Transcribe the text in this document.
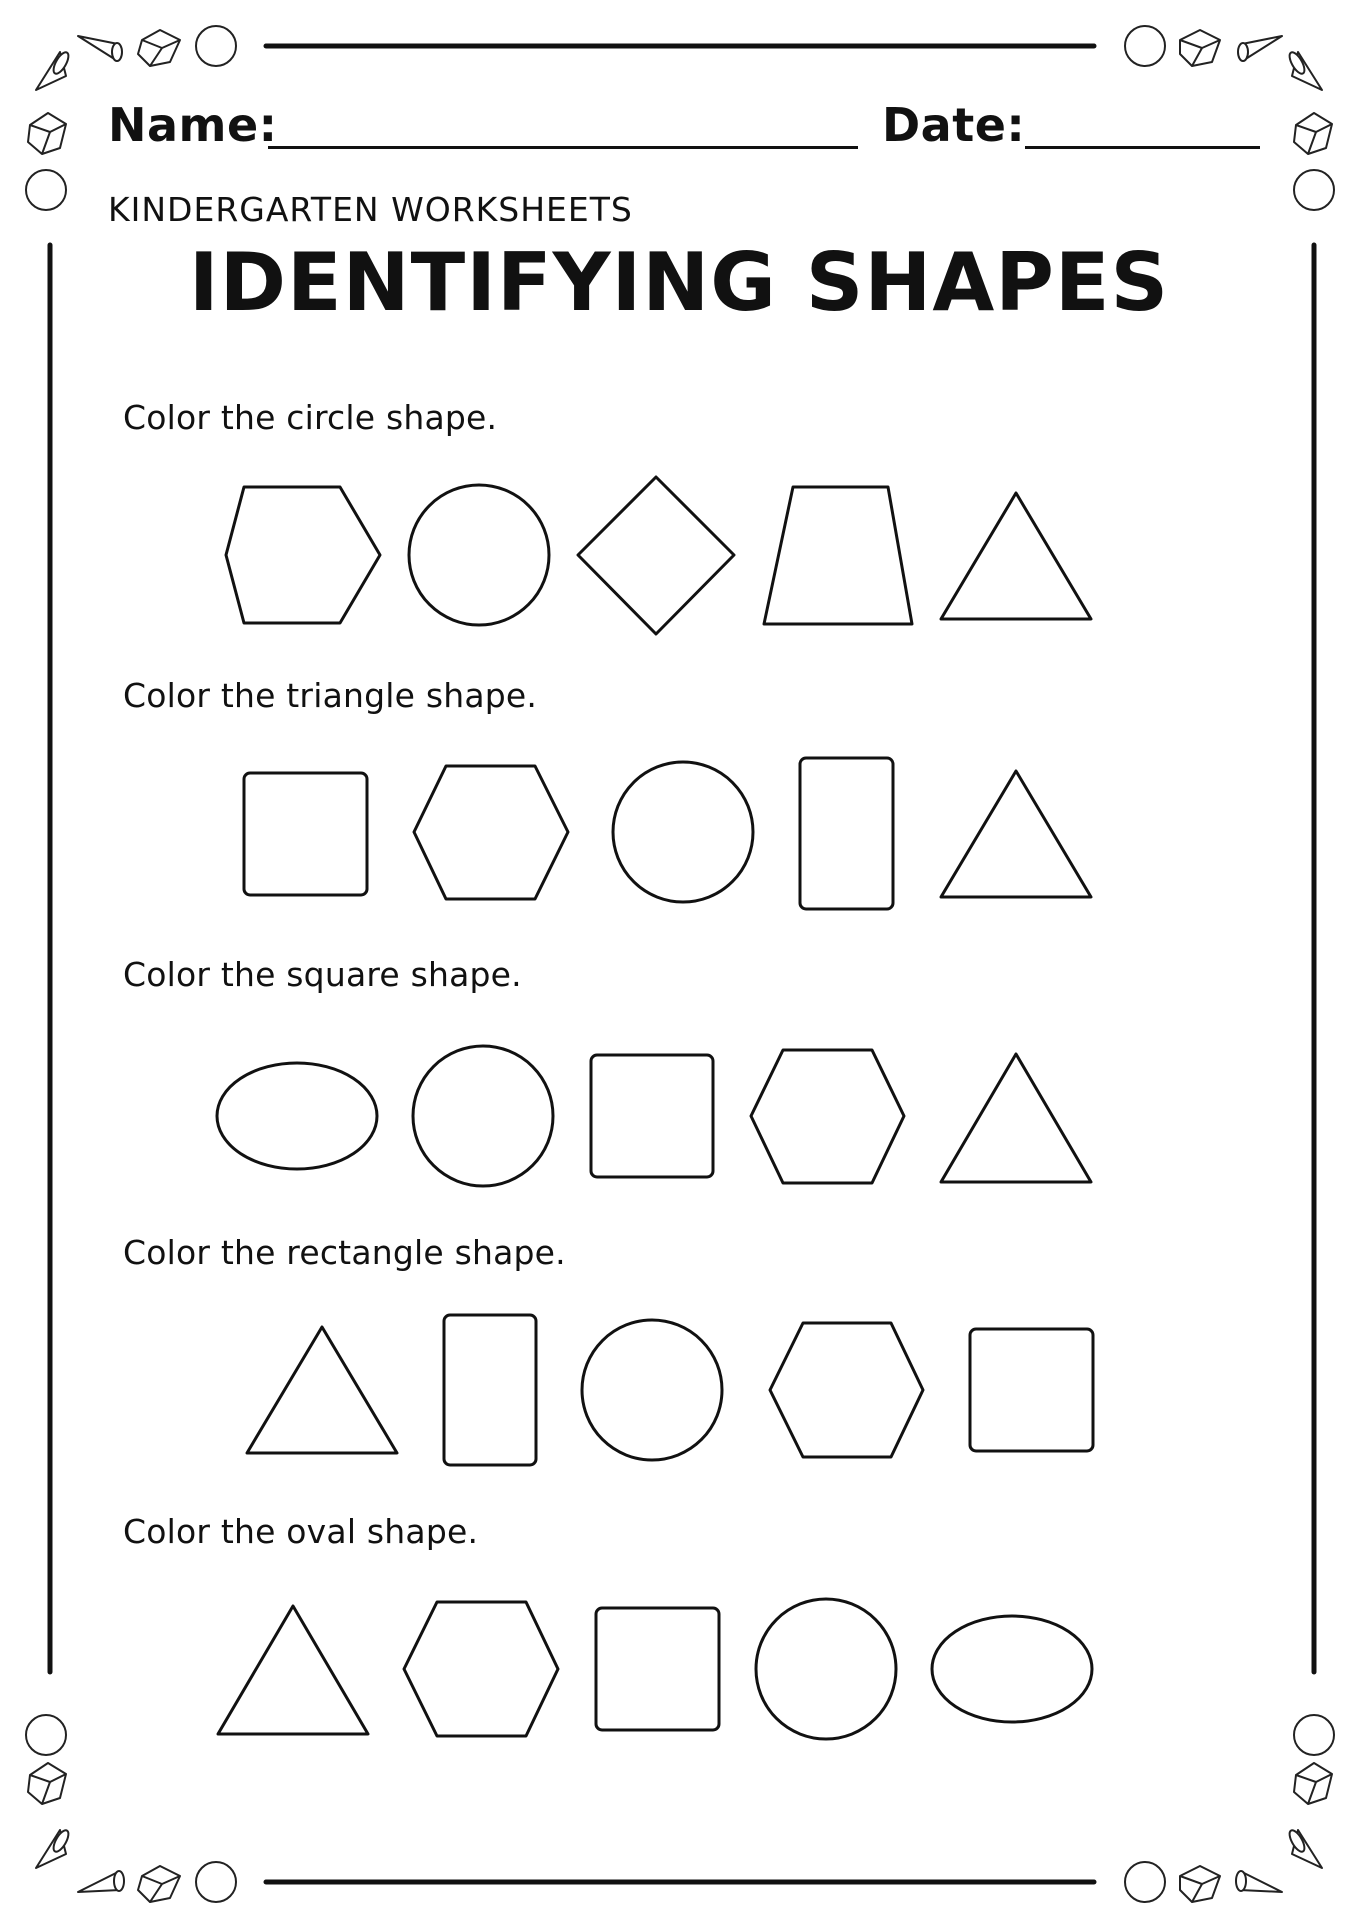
Name:	Date:
KINDERGARTEN WORKSHEETS
IDENTIFYING SHAPES
Color the circle shape.
Color the triangle shape.
Color the square shape.
Color the rectangle shape.
Color the oval shape.
